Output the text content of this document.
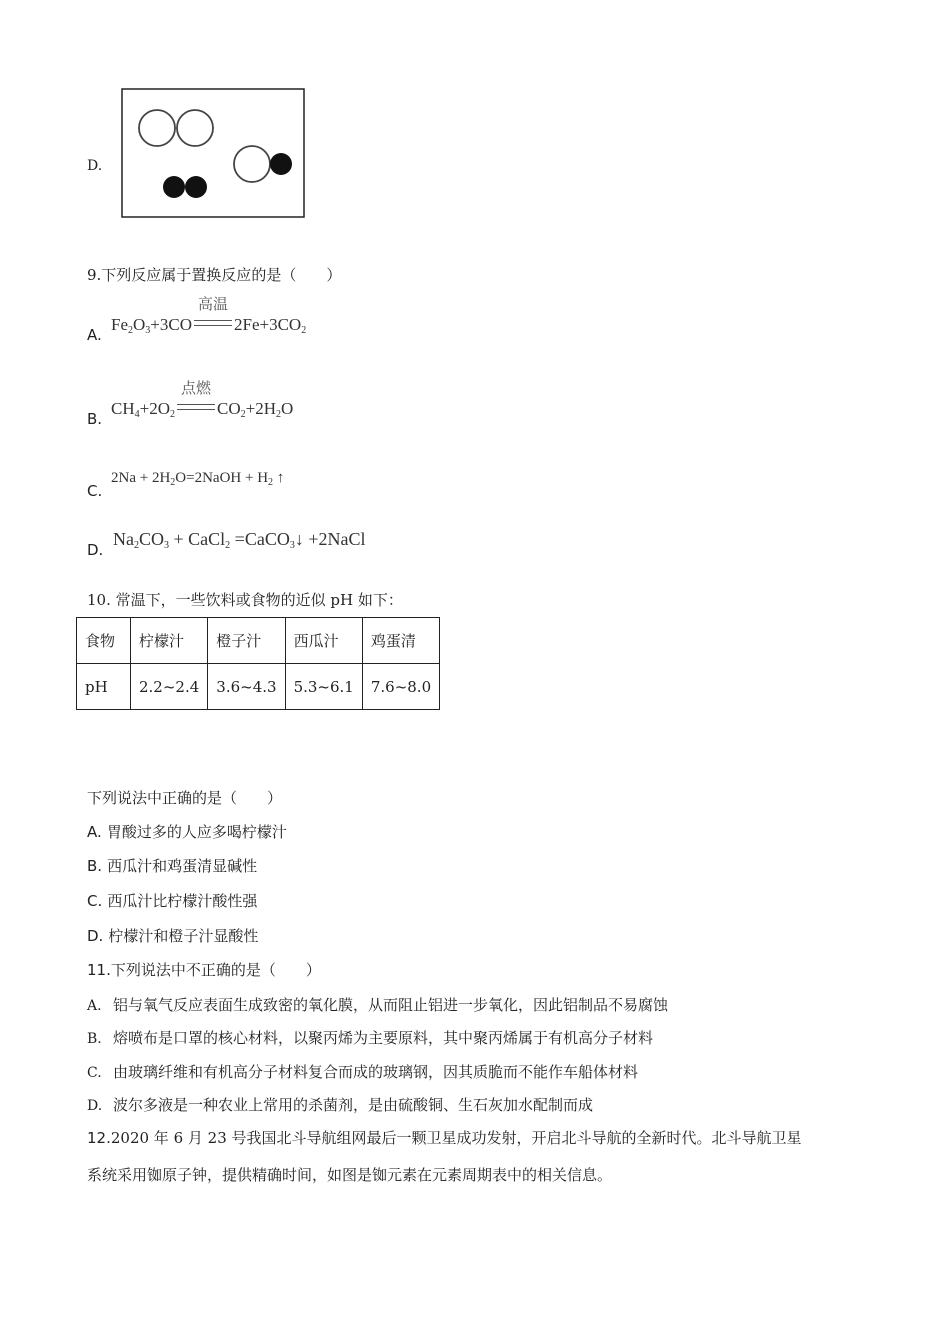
D.
9.下列反应属于置换反应的是（　　）
A.
$Fe_2O_3+3CO$
高温
$2Fe+3CO_2$
B.
$CH_4+2O_2$
点燃
$CO_2+2H_2O$
C.
$2Na + 2H_2O=2NaOH + H_2$ ↑
D.
$Na_2CO_3$ + CaCl$_2$ =CaCO$_3$↓ +2NaCl
10. 常温下，一些饮料或食物的近似 pH 如下：
食物	柠檬汁	橙子汁	西瓜汁	鸡蛋清
pH	2.2~2.4	3.6~4.3	5.3~6.1	7.6~8.0
下列说法中正确的是（　　）
A. 胃酸过多的人应多喝柠檬汁
B. 西瓜汁和鸡蛋清显碱性
C. 西瓜汁比柠檬汁酸性强
D. 柠檬汁和橙子汁显酸性
11.下列说法中不正确的是（　　）
A. 铝与氧气反应表面生成致密的氧化膜，从而阻止铝进一步氧化，因此铝制品不易腐蚀
B. 熔喷布是口罩的核心材料，以聚丙烯为主要原料，其中聚丙烯属于有机高分子材料
C. 由玻璃纤维和有机高分子材料复合而成的玻璃钢，因其质脆而不能作车船体材料
D. 波尔多液是一种农业上常用的杀菌剂，是由硫酸铜、生石灰加水配制而成
12.2020 年 6 月 23 号我国北斗导航组网最后一颗卫星成功发射，开启北斗导航的全新时代。北斗导航卫星
系统采用铷原子钟，提供精确时间，如图是铷元素在元素周期表中的相关信息。
